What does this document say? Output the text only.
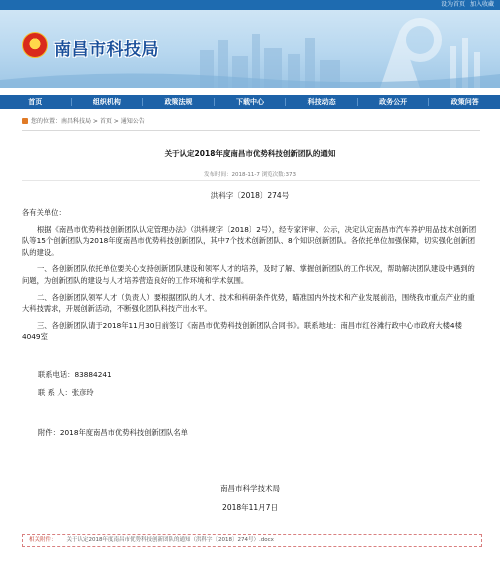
设为首页 加入收藏
南昌市科技局
首页	组织机构	政策法规	下载中心	科技动态	政务公开	政策问答
您的位置：南昌科技局 > 首页 > 通知公告
关于认定2018年度南昌市优势科技创新团队的通知
发布时间：2018-11-7 浏览次数:373
洪科字〔2018〕274号

各有关单位：

根据《南昌市优势科技创新团队认定管理办法》（洪科规字〔2018〕2号），经专家评审、公示，决定认定南昌市汽车养护用品技术创新团队等15个创新团队为2018年度南昌市优势科技创新团队，其中7个技术创新团队、8个知识创新团队。各依托单位加强保障，切实强化创新团队的建设。

一、各创新团队依托单位要关心支持创新团队建设和领军人才的培养，及时了解、掌握创新团队的工作状况，帮助解决团队建设中遇到的问题，为创新团队的建设与人才培养营造良好的工作环境和学术氛围。

二、各创新团队领军人才（负责人）要根据团队的人才、技术和科研条件优势，瞄准国内外技术和产业发展前沿，围绕我市重点产业的重大科技需求，开展创新活动，不断强化团队科技产出水平。

三、各创新团队请于2018年11月30日前签订《南昌市优势科技创新团队合同书》。联系地址：南昌市红谷滩行政中心市政府大楼4楼4049室

联系电话：83884241
联 系 人：张彦玲
附件：2018年度南昌市优势科技创新团队名单
南昌市科学技术局
2018年11月7日
相关附件： 关于认定2018年度南昌市优势科技创新团队的通知（洪科字〔2018〕274号）.docx
